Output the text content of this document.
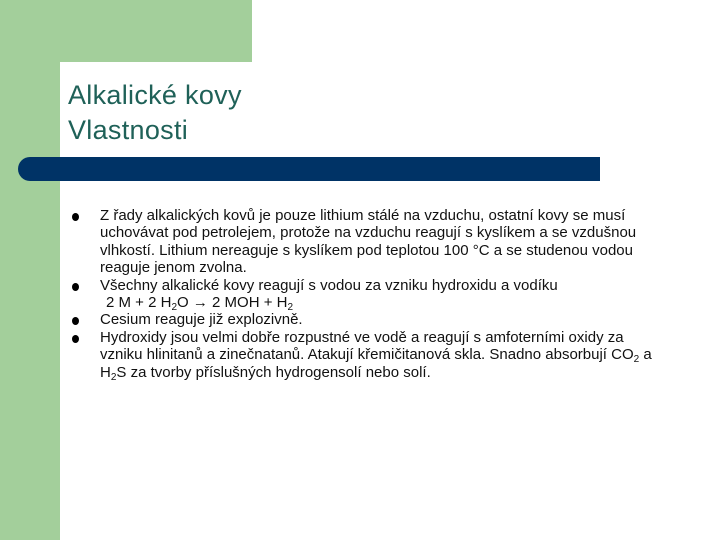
Alkalické kovy
Vlastnosti
Z řady alkalických kovů je pouze lithium stálé na vzduchu, ostatní kovy se musí uchovávat pod petrolejem, protože na vzduchu reagují s kyslíkem a se vzdušnou vlhkostí. Lithium nereaguje s kyslíkem pod teplotou 100 °C a se studenou vodou reaguje jenom zvolna.
Všechny alkalické kovy reagují s vodou za vzniku hydroxidu a vodíku
2 M + 2 $H_2O \to 2$ MOH + $H_2$
Cesium reaguje již explozivně.
Hydroxidy jsou velmi dobře rozpustné ve vodě a reagují s amfoterními oxidy za vzniku hlinitanů a zinečnatanů. Atakují křemičitanová skla. Snadno absorbují $CO_2$ a $H_2S$ za tvorby příslušných hydrogensolí nebo solí.
